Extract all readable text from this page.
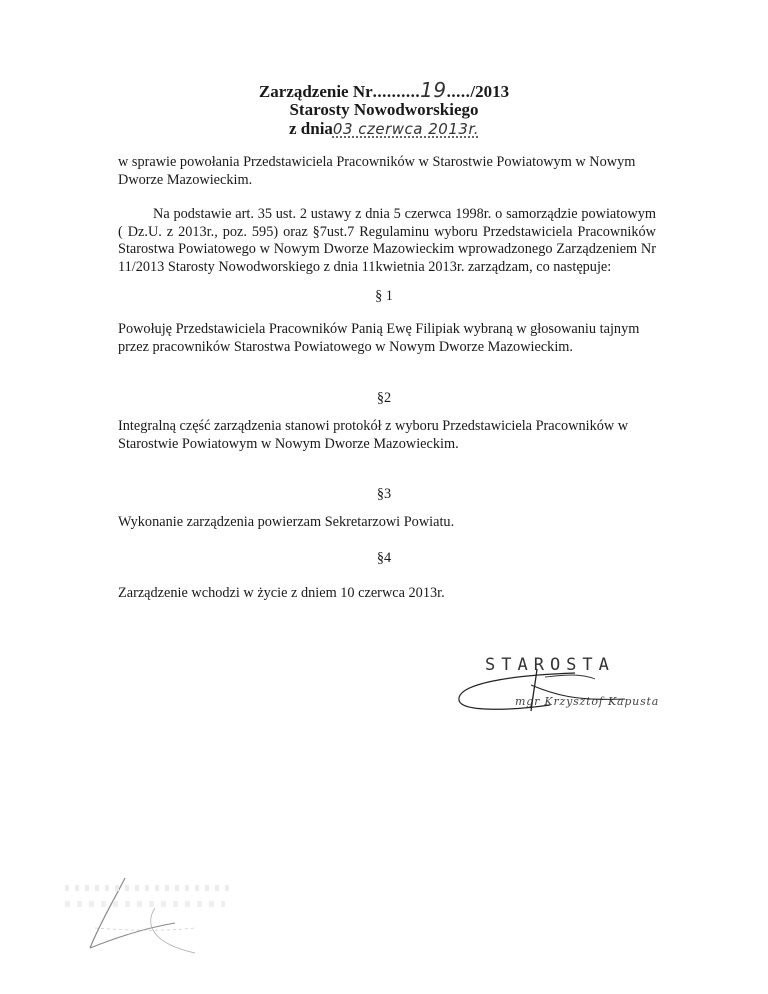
Zarządzenie Nr..........19...../2013
Starosty Nowodworskiego
z dnia03 czerwca 2013r.
w sprawie powołania Przedstawiciela Pracowników w Starostwie Powiatowym w Nowym Dworze Mazowieckim.
Na podstawie art. 35 ust. 2 ustawy z dnia 5 czerwca 1998r. o samorządzie powiatowym ( Dz.U. z 2013r., poz. 595) oraz §7ust.7 Regulaminu wyboru Przedstawiciela Pracowników Starostwa Powiatowego w Nowym Dworze Mazowieckim wprowadzonego Zarządzeniem Nr 11/2013 Starosty Nowodworskiego z dnia 11kwietnia 2013r. zarządzam, co następuje:
§ 1
Powołuję Przedstawiciela Pracowników Panią Ewę Filipiak wybraną w głosowaniu tajnym przez pracowników Starostwa Powiatowego w Nowym Dworze Mazowieckim.
§2
Integralną część zarządzenia stanowi protokół z wyboru Przedstawiciela Pracowników w Starostwie Powiatowym w Nowym Dworze Mazowieckim.
§3
Wykonanie zarządzenia powierzam Sekretarzowi Powiatu.
§4
Zarządzenie wchodzi w życie z dniem 10 czerwca 2013r.
STAROSTA
mgr Krzysztof Kapusta
